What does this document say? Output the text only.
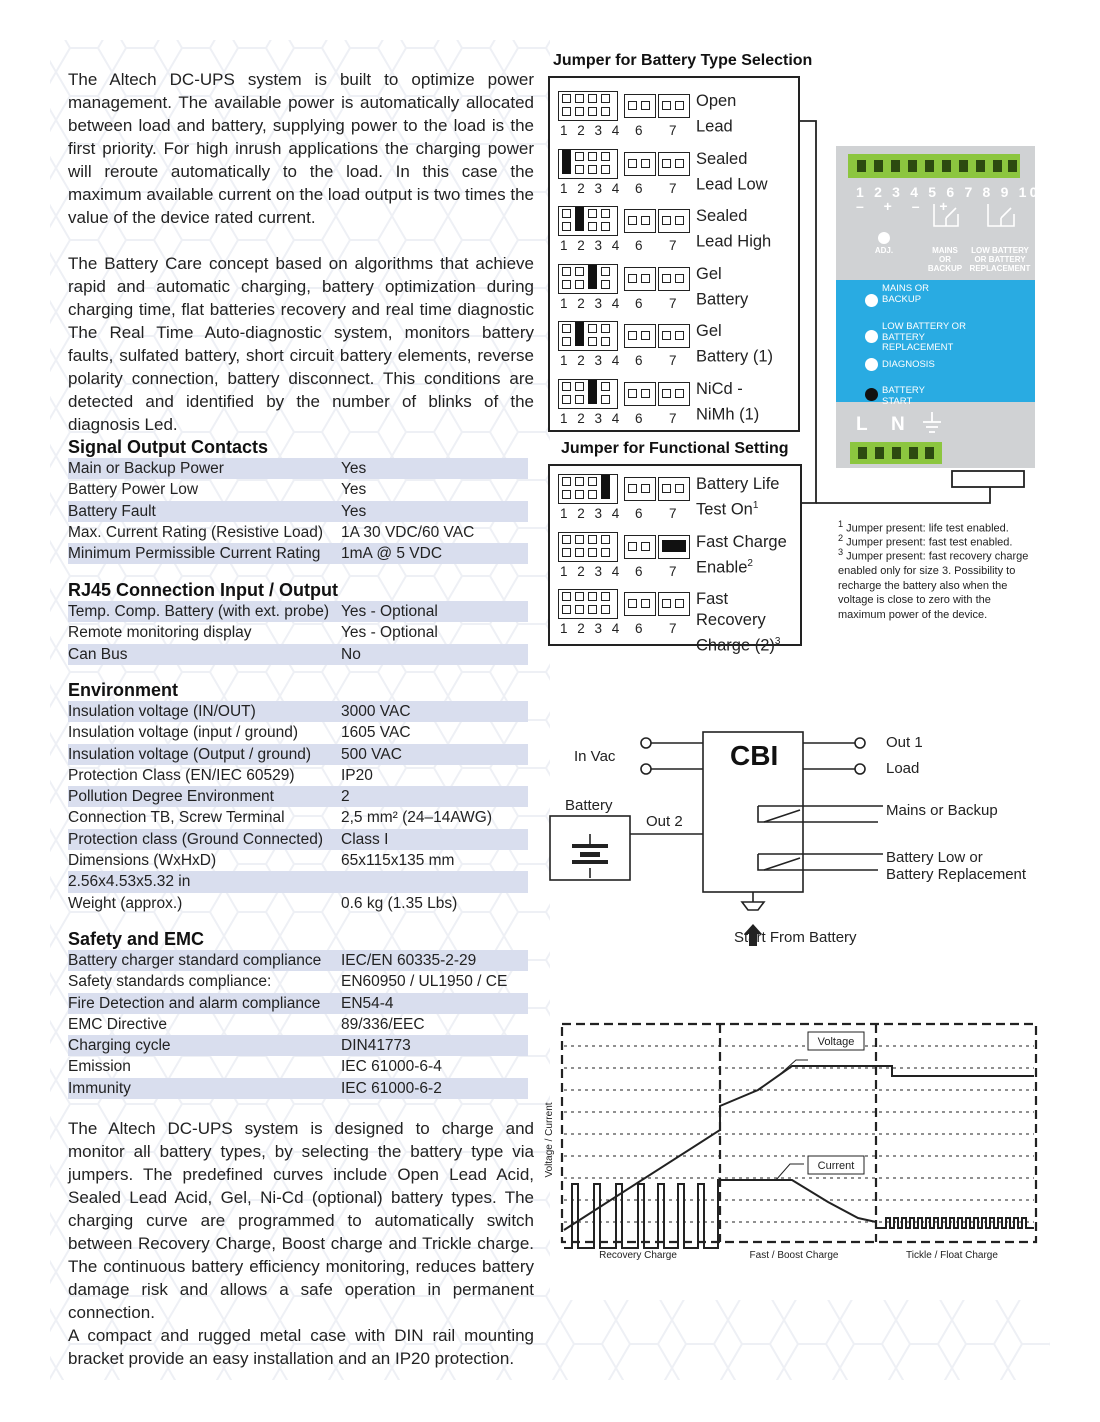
The Altech DC-UPS system is built to optimize power management. The available power is automatically allocated between load and battery, supplying power to the load is the first priority. For high inrush applications the charging power will reroute automatically to the load. In this case the maximum available current on the load output is two times the value of the device rated current.
The Battery Care concept based on algorithms that achieve rapid and automatic charging, battery optimization during charging time, flat batteries recovery and real time diagnostic The Real Time Auto-diagnostic system, monitors battery faults, sulfated battery, short circuit battery elements, reverse polarity connection, battery disconnect. This conditions are detected and identified by the number of blinks of the diagnosis Led.
Signal Output Contacts
Main or Backup Power	Yes
Battery Power Low	Yes
Battery Fault	Yes
Max. Current Rating (Resistive Load)	1A 30 VDC/60 VAC
Minimum Permissible Current Rating	1mA @ 5 VDC
RJ45 Connection Input / Output
Temp. Comp. Battery (with ext. probe) Yes - Optional
Remote monitoring display	Yes - Optional
Can Bus	No
Environment
Insulation voltage (IN/OUT)	3000 VAC
Insulation voltage (input / ground)	1605 VAC
Insulation voltage (Output / ground)	500 VAC
Protection Class (EN/IEC 60529)	IP20
Pollution Degree Environment	2
Connection TB, Screw Terminal	2,5 mm² (24–14AWG)
Protection class (Ground Connected)	Class I
Dimensions (WxHxD)	65x115x135 mm
2.56x4.53x5.32 in
Weight (approx.)	0.6 kg (1.35 Lbs)
Safety and EMC
Battery charger standard compliance	IEC/EN 60335-2-29
Safety standards compliance:	EN60950 / UL1950 / CE
Fire Detection and alarm compliance	EN54-4
EMC Directive	89/336/EEC
Charging cycle	DIN41773
Emission	IEC 61000-6-4
Immunity	IEC 61000-6-2
The Altech DC-UPS system is designed to charge and monitor all battery types, by selecting the battery type via jumpers. The predefined curves include Open Lead Acid, Sealed Lead Acid, Gel, Ni-Cd (optional) battery types. The charging curve are programmed to automatically switch between Recovery Charge, Boost charge and Trickle charge. The continuous battery efficiency monitoring, reduces battery damage risk and allows a safe operation in permanent connection.
A compact and rugged metal case with DIN rail mounting bracket provide an easy installation and an IP20 protection.
Jumper for Battery Type Selection
1 2 3 4 6 7
Open
Lead
1 2 3 4 6 7
Sealed
Lead Low
1 2 3 4 6 7
Sealed
Lead High
1 2 3 4 6 7
Gel
Battery
1 2 3 4 6 7
Gel
Battery (1)
1 2 3 4 6 7
NiCd -
NiMh (1)
Jumper for Functional Setting
1 2 3 4 6 7
Battery Life
Test On$^1$
1 2 3 4 6 7
Fast Charge
Enable$^2$
1 2 3 4 6 7
Fast Recovery
Charge $(2)^3$
1 2 3 4 5 6 7 8 9 10
– + – +
ADJ.	MAINS OR BACKUP
LOW BATTERY OR BATTERY REPLACEMENT
MAINS OR BACKUP
LOW BATTERY OR BATTERY REPLACEMENT
DIAGNOSIS
BATTERY START
L N
$^1$ Jumper present: life test enabled.
$^2$ Jumper present: fast test enabled.
$^3$ Jumper present: fast recovery charge enabled only for size 3. Possibility to recharge the battery also when the voltage is close to zero with the maximum power of the device.
CBI
In Vac
Battery
Out 2
Out 1
Load
Mains or Backup
Battery Low or
Battery Replacement
Start From Battery
Voltage
Current
Voltage / Current
Recovery Charge	Fast / Boost Charge	Tickle / Float Charge
